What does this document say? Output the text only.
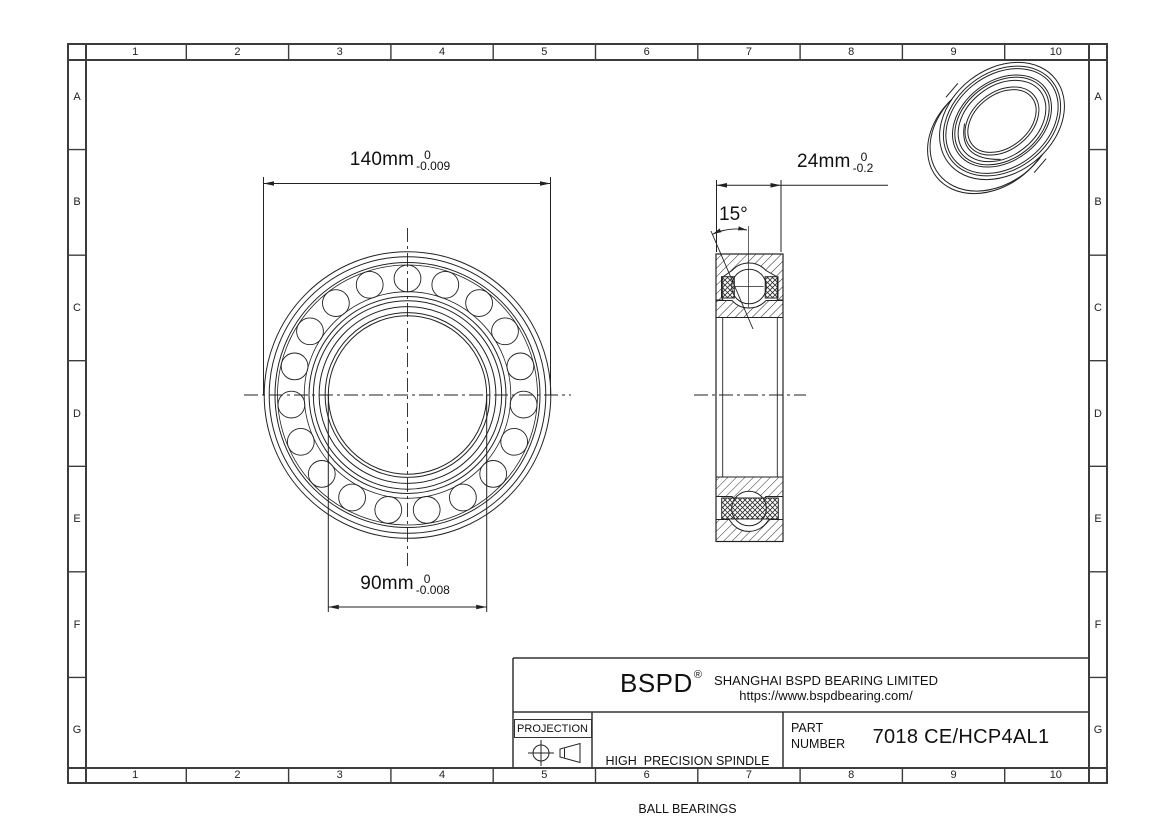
1	2	3	4	5	6	7	8	9	10
1	2	3	4	5	6	7	8	9	10
A
B
C
D
E
F
G
A
B
C
D
E
F
G
140mm 0
-0.009
90mm 0
-0.008
24mm 0
-0.2
15°
BSPD ® SHANGHAI BSPD BEARING LIMITED
https://www.bspdbearing.com/
PROJECTION

HIGH  PRECISION SPINDLE

BALL BEARINGS

PART
NUMBER	7018 CE/HCP4AL1
